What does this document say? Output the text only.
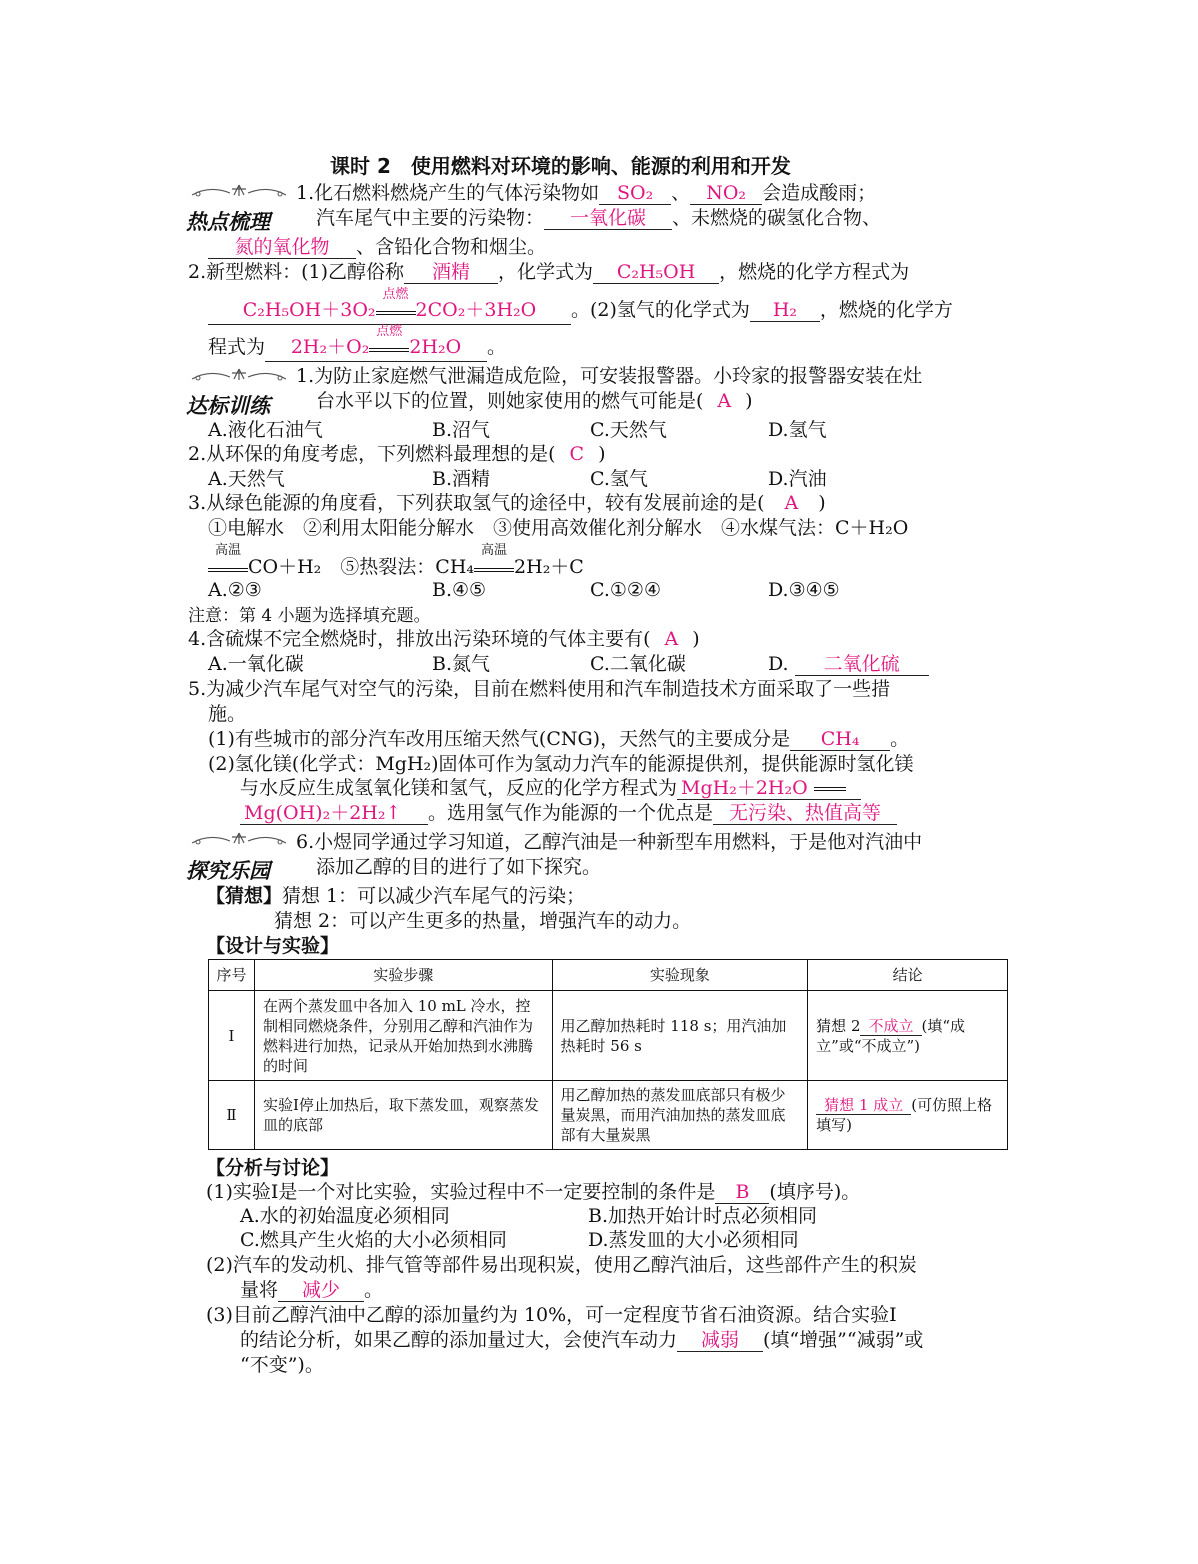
课时 2　使用燃料对环境的影响、能源的利用和开发
热点梳理
达标训练
探究乐园
1.化石燃料燃烧产生的气体污染物如 SO₂ 、 NO₂ 会造成酸雨；
汽车尾气中主要的污染物： 一氧化碳 、未燃烧的碳氢化合物、
氮的氧化物 、含铅化合物和烟尘。
2.新型燃料：(1)乙醇俗称 酒精 ，化学式为 C₂H₅OH ，燃烧的化学方程式为
C₂H₅OH＋3O₂
点燃
2CO₂＋3H₂O 。(2)氢气的化学式为 H₂ ，燃烧的化学方
程式为 2H₂＋O₂
点燃
2H₂O 。
1.为防止家庭燃气泄漏造成危险，可安装报警器。小玲家的报警器安装在灶
台水平以下的位置，则她家使用的燃气可能是( A )
A.液化石油气	B.沼气	C.天然气	D.氢气
2.从环保的角度考虑，下列燃料最理想的是( C )
A.天然气	B.酒精	C.氢气	D.汽油
3.从绿色能源的角度看，下列获取氢气的途径中，较有发展前途的是( A )
①电解水　②利用太阳能分解水　③使用高效催化剂分解水　④水煤气法：C＋H₂O
高温
CO＋H₂　⑤热裂法：CH₄
高温
2H₂＋C
A.②③	B.④⑤	C.①②④	D.③④⑤
注意：第 4 小题为选择填充题。
4.含硫煤不完全燃烧时，排放出污染环境的气体主要有( A )
A.一氧化碳	B.氮气	C.二氧化碳	D. 二氧化硫
5.为减少汽车尾气对空气的污染，目前在燃料使用和汽车制造技术方面采取了一些措
施。
(1)有些城市的部分汽车改用压缩天然气(CNG)，天然气的主要成分是 CH₄ 。
(2)氢化镁(化学式：MgH₂)固体可作为氢动力汽车的能源提供剂，提供能源时氢化镁
与水反应生成氢氧化镁和氢气，反应的化学方程式为 MgH₂＋2H₂O
Mg(OH)₂＋2H₂↑ 。选用氢气作为能源的一个优点是 无污染、热值高等
6.小煜同学通过学习知道，乙醇汽油是一种新型车用燃料，于是他对汽油中
添加乙醇的目的进行了如下探究。
【猜想】猜想 1：可以减少汽车尾气的污染；
猜想 2：可以产生更多的热量，增强汽车的动力。
【设计与实验】
序号	实验步骤	实验现象	结论
Ⅰ	在两个蒸发皿中各加入 10 mL 冷水，控制相同燃烧条件，分别用乙醇和汽油作为燃料进行加热，记录从开始加热到水沸腾的时间	用乙醇加热耗时 118 s；用汽油加热耗时 56 s	猜想 2 不成立 (填“成立”或“不成立”)
Ⅱ	实验Ⅰ停止加热后，取下蒸发皿，观察蒸发皿的底部	用乙醇加热的蒸发皿底部只有极少量炭黑，而用汽油加热的蒸发皿底部有大量炭黑	猜想 1 成立 (可仿照上格填写)
【分析与讨论】
(1)实验Ⅰ是一个对比实验，实验过程中不一定要控制的条件是 B (填序号)。
A.水的初始温度必须相同	B.加热开始计时点必须相同
C.燃具产生火焰的大小必须相同	D.蒸发皿的大小必须相同
(2)汽车的发动机、排气管等部件易出现积炭，使用乙醇汽油后，这些部件产生的积炭
量将 减少 。
(3)目前乙醇汽油中乙醇的添加量约为 10%，可一定程度节省石油资源。结合实验Ⅰ
的结论分析，如果乙醇的添加量过大，会使汽车动力 减弱 (填“增强”“减弱”或
“不变”)。
